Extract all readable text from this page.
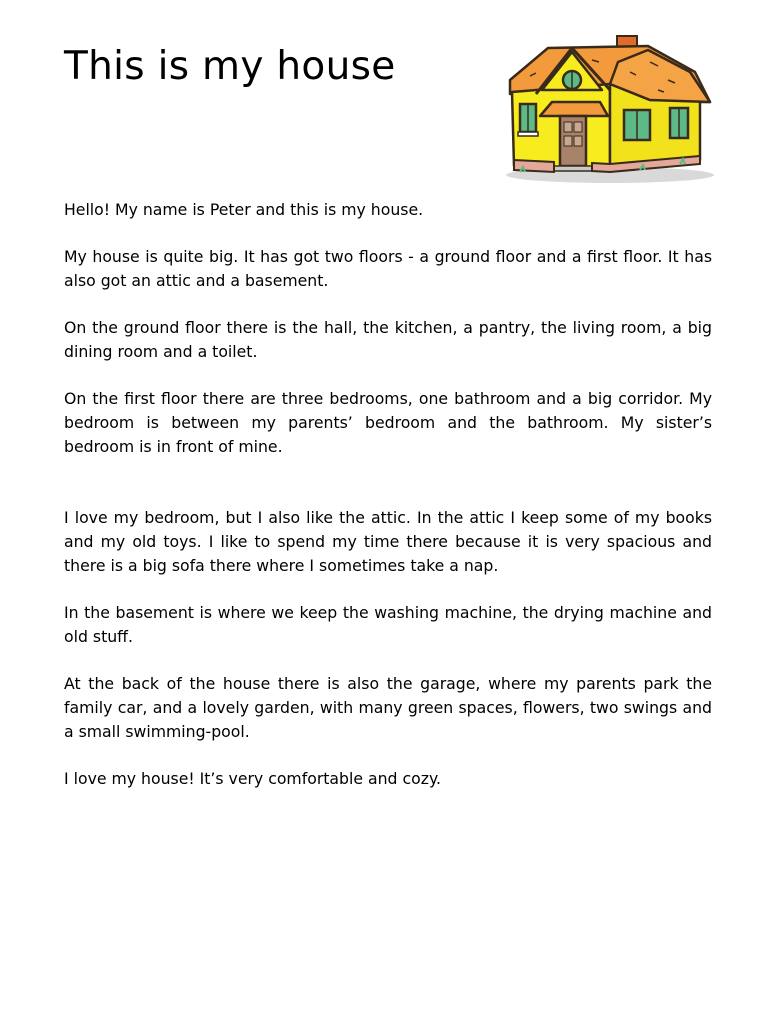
This is my house

Hello! My name is Peter and this is my house.

My house is quite big. It has got two floors - a ground floor and a first floor. It has also got an attic and a basement.

On the ground floor there is the hall, the kitchen, a pantry, the living room, a big dining room and a toilet.

On the first floor there are three bedrooms, one bathroom and a big corridor. My bedroom is between my parents’ bedroom and the bathroom. My sister’s bedroom is in front of mine.

I love my bedroom, but I also like the attic. In the attic I keep some of my books and my old toys. I like to spend my time there because it is very spacious and there is a big sofa there where I sometimes take a nap.

In the basement is where we keep the washing machine, the drying machine and old stuff.

At the back of the house there is also the garage, where my parents park the family car, and a lovely garden, with many green spaces, flowers, two swings and a small swimming-pool.

I love my house! It’s very comfortable and cozy.
